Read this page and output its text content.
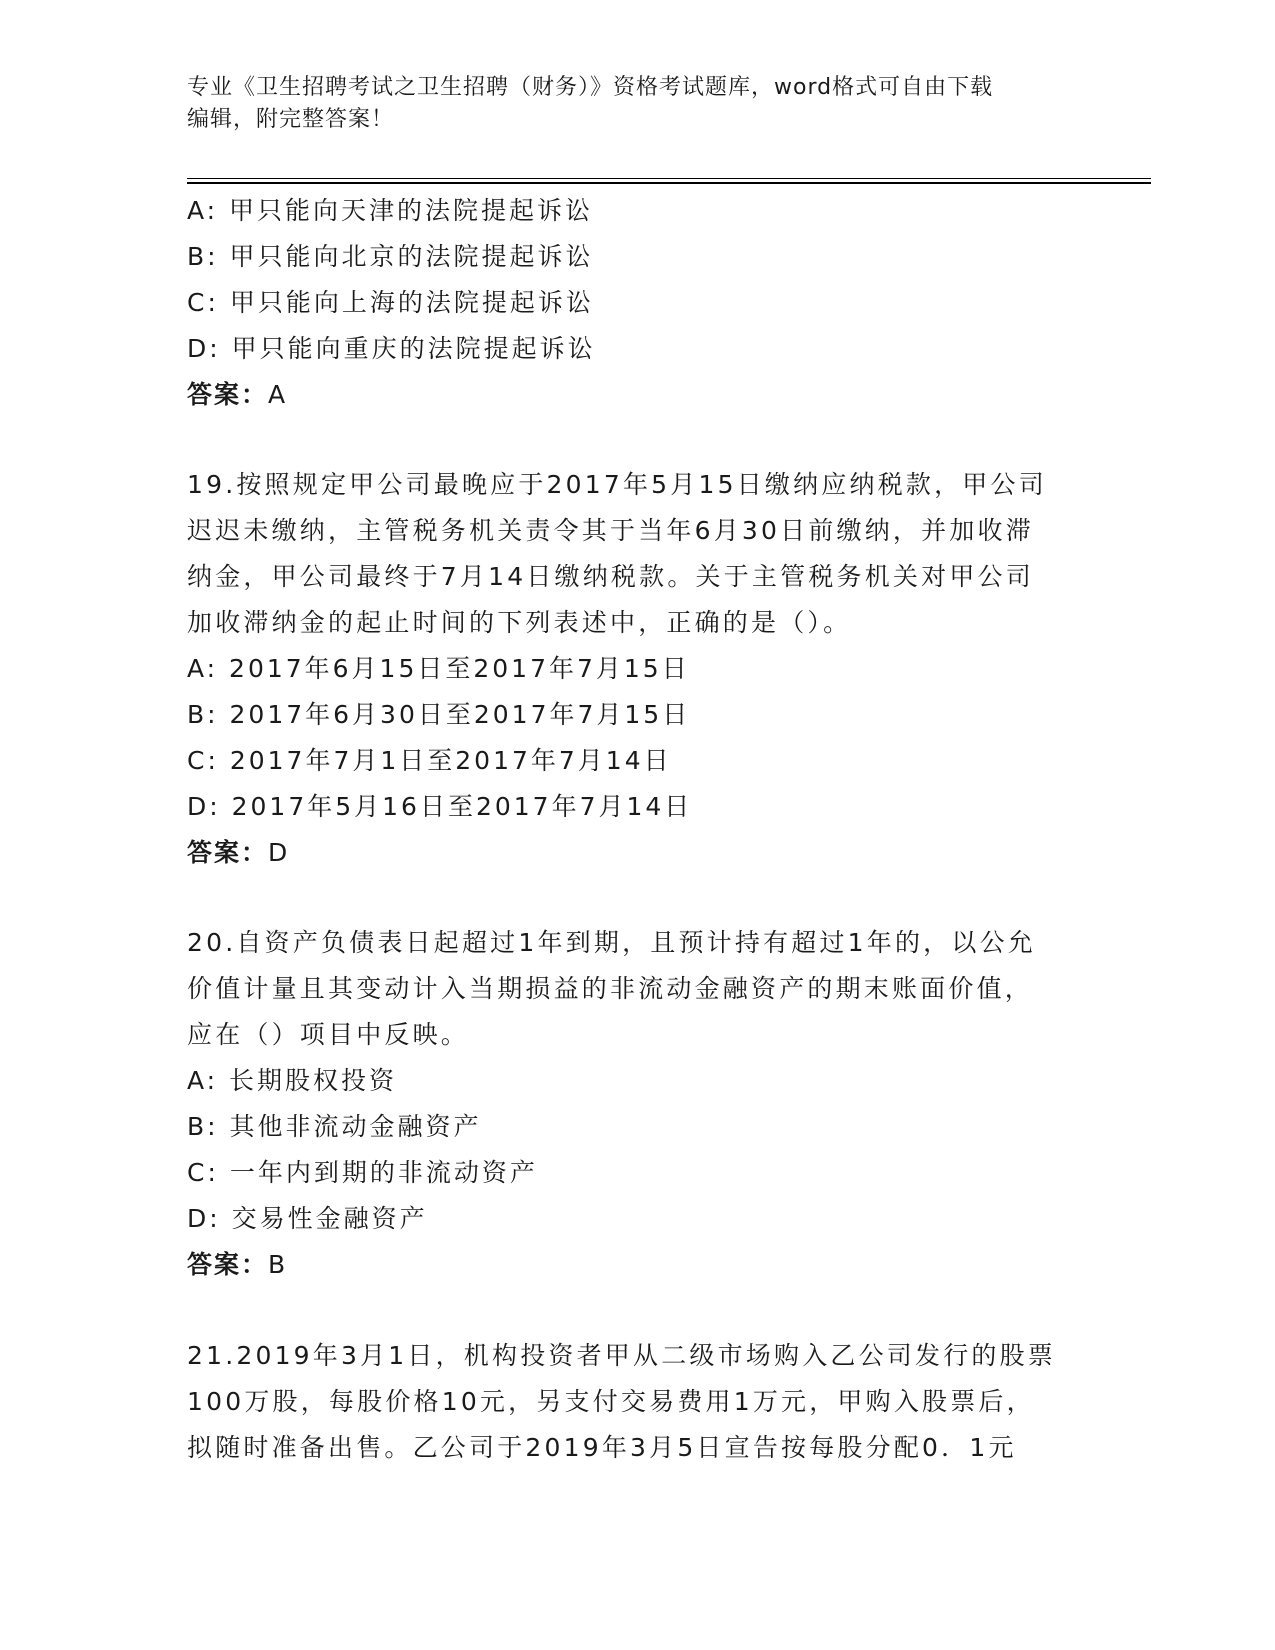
专业《卫生招聘考试之卫生招聘（财务）》资格考试题库，word格式可自由下载
编辑，附完整答案！
A: 甲只能向天津的法院提起诉讼
B: 甲只能向北京的法院提起诉讼
C: 甲只能向上海的法院提起诉讼
D: 甲只能向重庆的法院提起诉讼
答案：A
19.按照规定甲公司最晚应于2017年5月15日缴纳应纳税款，甲公司
迟迟未缴纳，主管税务机关责令其于当年6月30日前缴纳，并加收滞
纳金，甲公司最终于7月14日缴纳税款。关于主管税务机关对甲公司
加收滞纳金的起止时间的下列表述中，正确的是（）。
A: 2017年6月15日至2017年7月15日
B: 2017年6月30日至2017年7月15日
C: 2017年7月1日至2017年7月14日
D: 2017年5月16日至2017年7月14日
答案：D
20.自资产负债表日起超过1年到期，且预计持有超过1年的，以公允
价值计量且其变动计入当期损益的非流动金融资产的期末账面价值，
应在（）项目中反映。
A: 长期股权投资
B: 其他非流动金融资产
C: 一年内到期的非流动资产
D: 交易性金融资产
答案：B
21.2019年3月1日，机构投资者甲从二级市场购入乙公司发行的股票
100万股，每股价格10元，另支付交易费用1万元，甲购入股票后，
拟随时准备出售。乙公司于2019年3月5日宣告按每股分配0．1元
